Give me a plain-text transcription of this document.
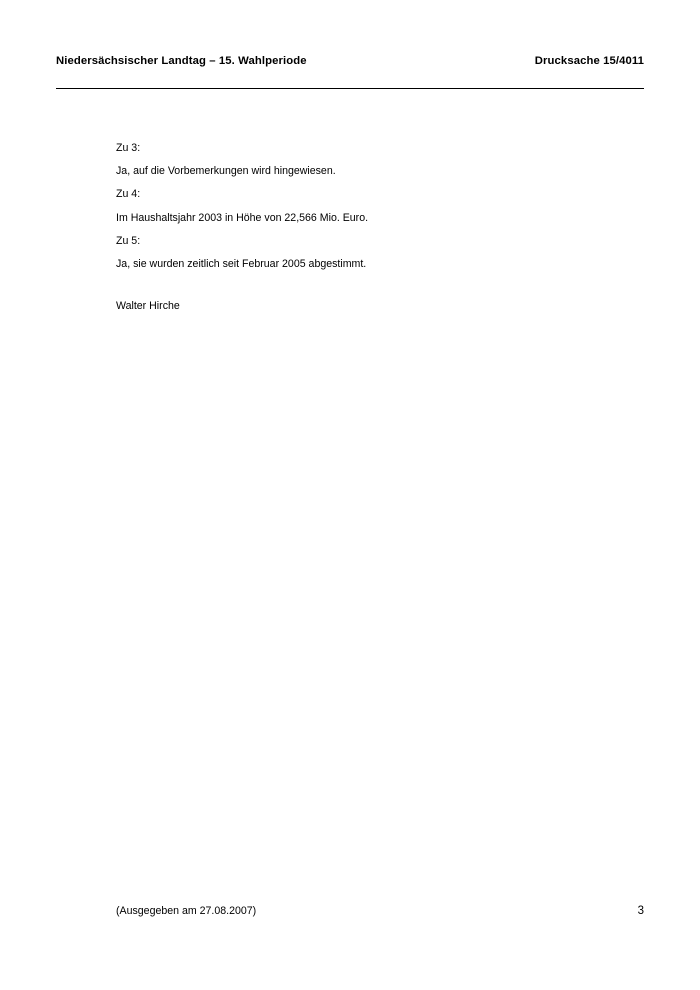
Niedersächsischer Landtag – 15. Wahlperiode	Drucksache 15/4011

Zu 3:

Ja, auf die Vorbemerkungen wird hingewiesen.

Zu 4:

Im Haushaltsjahr 2003 in Höhe von 22,566 Mio. Euro.

Zu 5:

Ja, sie wurden zeitlich seit Februar 2005 abgestimmt.

Walter Hirche

(Ausgegeben am 27.08.2007)	3
